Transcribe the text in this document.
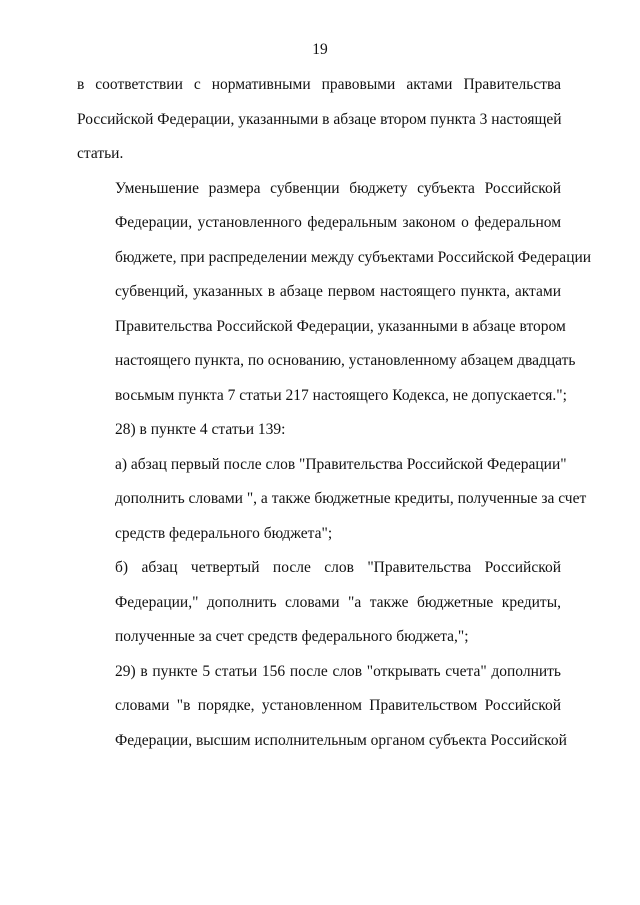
19

в соответствии с нормативными правовыми актами Правительства
Российской Федерации, указанными в абзаце втором пункта 3 настоящей
статьи.

Уменьшение размера субвенции бюджету субъекта Российской
Федерации, установленного федеральным законом о федеральном
бюджете, при распределении между субъектами Российской Федерации
субвенций, указанных в абзаце первом настоящего пункта, актами
Правительства Российской Федерации, указанными в абзаце втором
настоящего пункта, по основанию, установленному абзацем двадцать
восьмым пункта 7 статьи 217 настоящего Кодекса, не допускается.";

28) в пункте 4 статьи 139:

а) абзац первый после слов "Правительства Российской Федерации"
дополнить словами ", а также бюджетные кредиты, полученные за счет
средств федерального бюджета";

б) абзац четвертый после слов "Правительства Российской
Федерации," дополнить словами "а также бюджетные кредиты,
полученные за счет средств федерального бюджета,";

29) в пункте 5 статьи 156 после слов "открывать счета" дополнить
словами "в порядке, установленном Правительством Российской
Федерации, высшим исполнительным органом субъекта Российской
